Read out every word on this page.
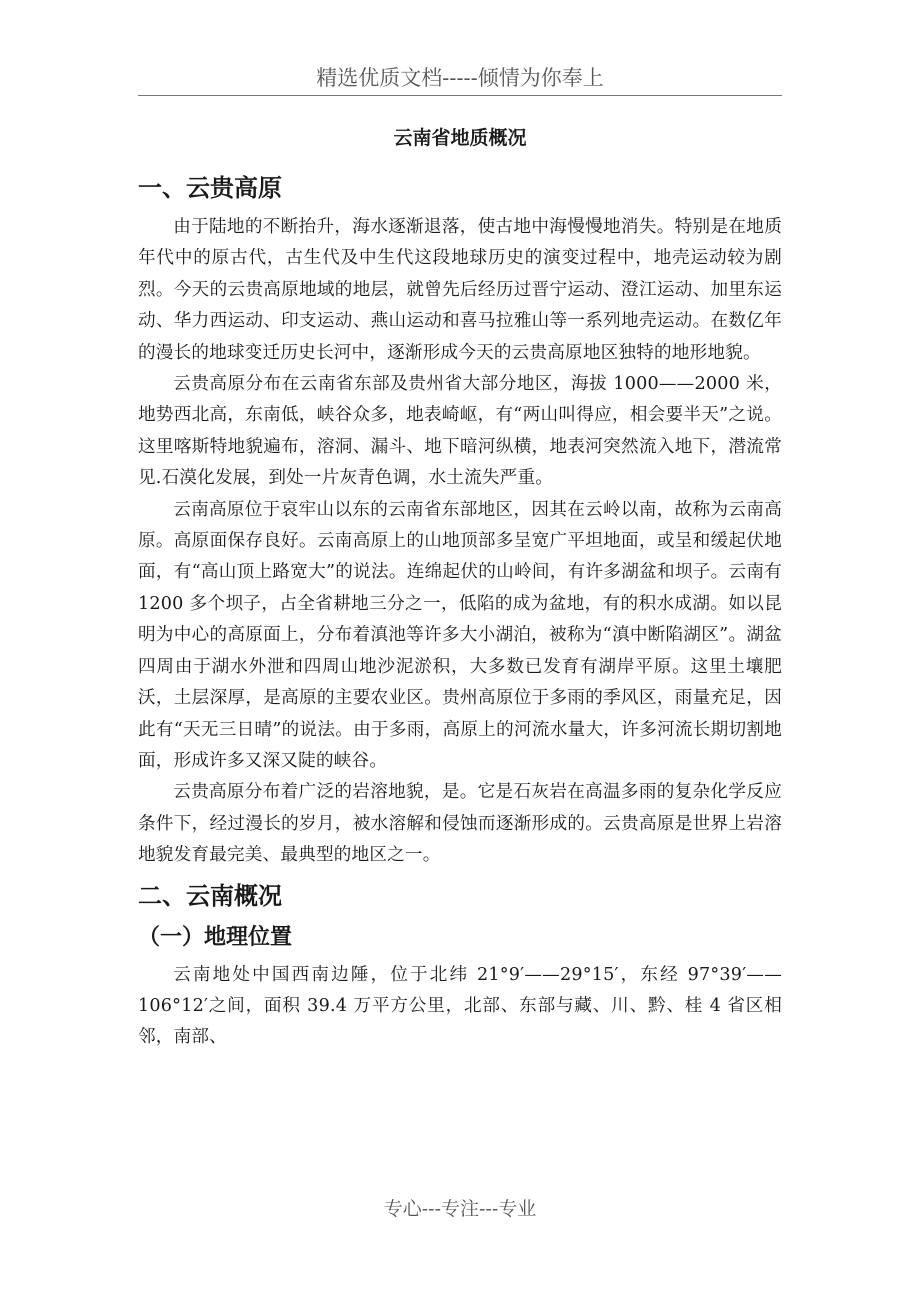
精选优质文档-----倾情为你奉上
云南省地质概况
一、云贵高原

由于陆地的不断抬升，海水逐渐退落，使古地中海慢慢地消失。特别是在地质年代中的原古代，古生代及中生代这段地球历史的演变过程中，地壳运动较为剧烈。今天的云贵高原地域的地层，就曾先后经历过晋宁运动、澄江运动、加里东运动、华力西运动、印支运动、燕山运动和喜马拉雅山等一系列地壳运动。在数亿年的漫长的地球变迁历史长河中，逐渐形成今天的云贵高原地区独特的地形地貌。

云贵高原分布在云南省东部及贵州省大部分地区，海拔 1000——2000 米，地势西北高，东南低，峡谷众多，地表崎岖，有“两山叫得应，相会要半天”之说。这里喀斯特地貌遍布，溶洞、漏斗、地下暗河纵横，地表河突然流入地下，潜流常见.石漠化发展，到处一片灰青色调，水土流失严重。

云南高原位于哀牢山以东的云南省东部地区，因其在云岭以南，故称为云南高原。高原面保存良好。云南高原上的山地顶部多呈宽广平坦地面，或呈和缓起伏地面，有“高山顶上路宽大”的说法。连绵起伏的山岭间，有许多湖盆和坝子。云南有 1200 多个坝子，占全省耕地三分之一，低陷的成为盆地，有的积水成湖。如以昆明为中心的高原面上，分布着滇池等许多大小湖泊，被称为“滇中断陷湖区”。湖盆四周由于湖水外泄和四周山地沙泥淤积，大多数已发育有湖岸平原。这里土壤肥沃，土层深厚，是高原的主要农业区。贵州高原位于多雨的季风区，雨量充足，因此有“天无三日晴”的说法。由于多雨，高原上的河流水量大，许多河流长期切割地面，形成许多又深又陡的峡谷。

云贵高原分布着广泛的岩溶地貌，是。它是石灰岩在高温多雨的复杂化学反应条件下，经过漫长的岁月，被水溶解和侵蚀而逐渐形成的。云贵高原是世界上岩溶地貌发育最完美、最典型的地区之一。

二、云南概况
（一）地理位置

云南地处中国西南边陲，位于北纬 21°9′——29°15′，东经 97°39′——106°12′之间，面积 39.4 万平方公里，北部、东部与藏、川、黔、桂 4 省区相邻，南部、

专心---专注---专业
